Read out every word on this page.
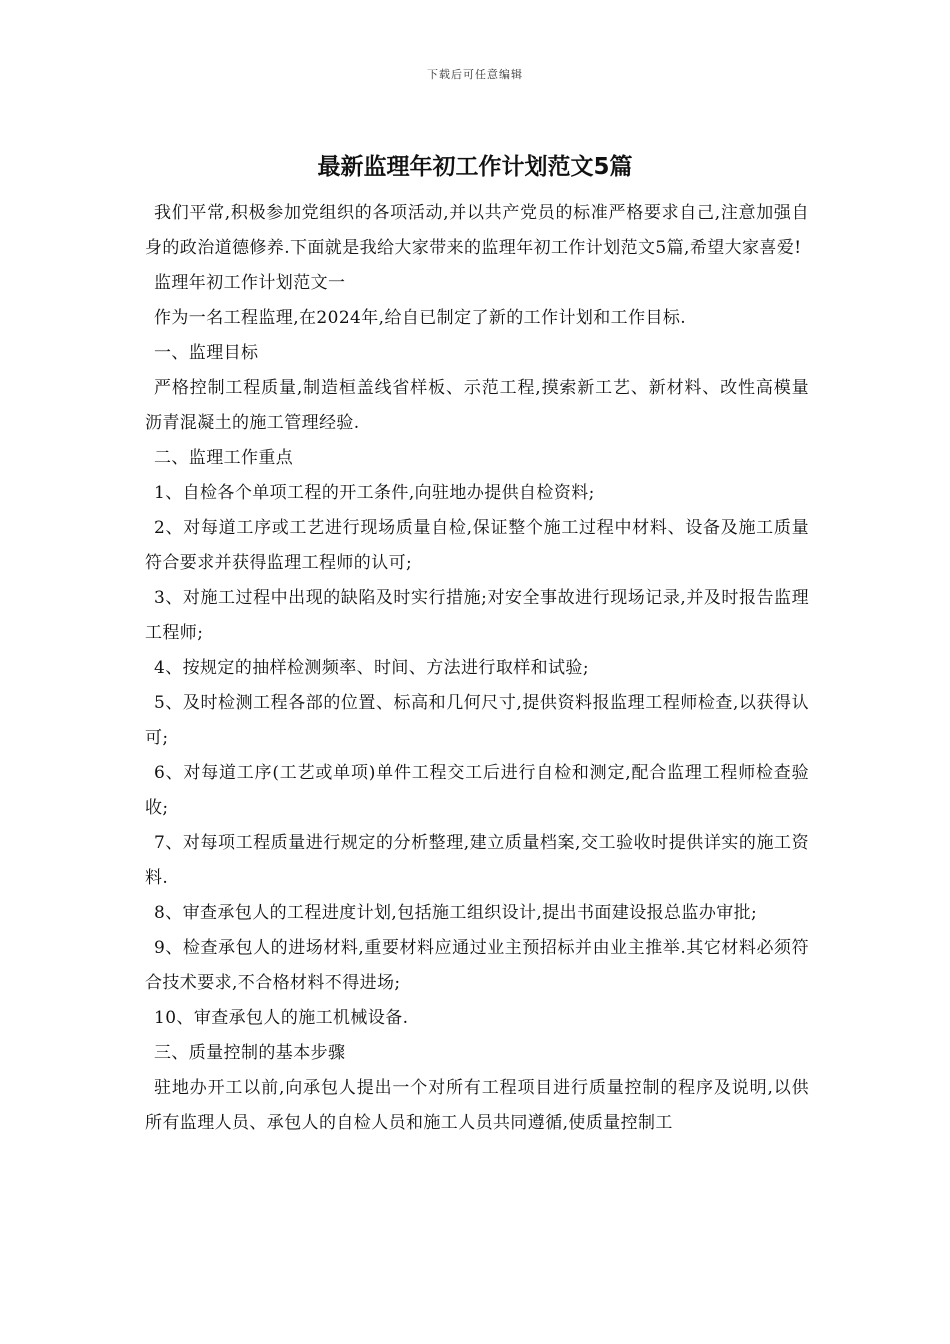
下载后可任意编辑
最新监理年初工作计划范文5篇

我们平常,积极参加党组织的各项活动,并以共产党员的标准严格要求自己,注意加强自身的政治道德修养.下面就是我给大家带来的监理年初工作计划范文5篇,希望大家喜爱!

监理年初工作计划范文一

作为一名工程监理,在2024年,给自已制定了新的工作计划和工作目标.

一、监理目标

严格控制工程质量,制造桓盖线省样板、示范工程,摸索新工艺、新材料、改性高模量沥青混凝土的施工管理经验.

二、监理工作重点

1、自检各个单项工程的开工条件,向驻地办提供自检资料;

2、对每道工序或工艺进行现场质量自检,保证整个施工过程中材料、设备及施工质量符合要求并获得监理工程师的认可;

3、对施工过程中出现的缺陷及时实行措施;对安全事故进行现场记录,并及时报告监理工程师;

4、按规定的抽样检测频率、时间、方法进行取样和试验;

5、及时检测工程各部的位置、标高和几何尺寸,提供资料报监理工程师检查,以获得认可;

6、对每道工序(工艺或单项)单件工程交工后进行自检和测定,配合监理工程师检查验收;

7、对每项工程质量进行规定的分析整理,建立质量档案,交工验收时提供详实的施工资料.

8、审查承包人的工程进度计划,包括施工组织设计,提出书面建设报总监办审批;

9、检查承包人的进场材料,重要材料应通过业主预招标并由业主推举.其它材料必须符合技术要求,不合格材料不得进场;

10、审查承包人的施工机械设备.

三、质量控制的基本步骤

驻地办开工以前,向承包人提出一个对所有工程项目进行质量控制的程序及说明,以供所有监理人员、承包人的自检人员和施工人员共同遵循,使质量控制工
